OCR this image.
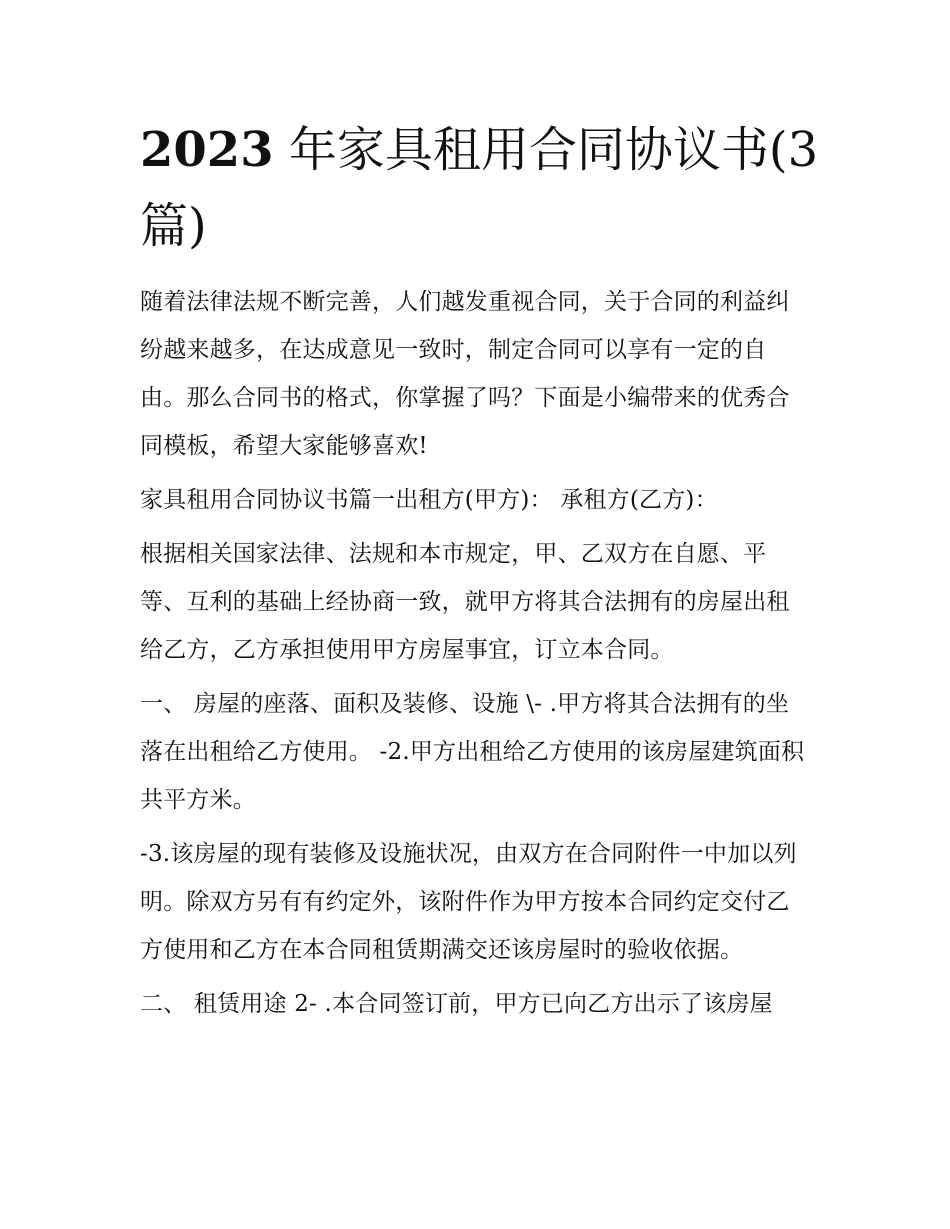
2023 年家具租用合同协议书(3篇)

随着法律法规不断完善，人们越发重视合同，关于合同的利益纠纷越来越多，在达成意见一致时，制定合同可以享有一定的自由。那么合同书的格式，你掌握了吗？下面是小编带来的优秀合同模板，希望大家能够喜欢!

家具租用合同协议书篇一出租方(甲方)： 承租方(乙方)：

根据相关国家法律、法规和本市规定，甲、乙双方在自愿、平等、互利的基础上经协商一致，就甲方将其合法拥有的房屋出租给乙方，乙方承担使用甲方房屋事宜，订立本合同。

一、 房屋的座落、面积及装修、设施 \- .甲方将其合法拥有的坐落在出租给乙方使用。 -2.甲方出租给乙方使用的该房屋建筑面积共平方米。

-3.该房屋的现有装修及设施状况，由双方在合同附件一中加以列明。除双方另有有约定外，该附件作为甲方按本合同约定交付乙方使用和乙方在本合同租赁期满交还该房屋时的验收依据。

二、 租赁用途 2- .本合同签订前，甲方已向乙方出示了该房屋
